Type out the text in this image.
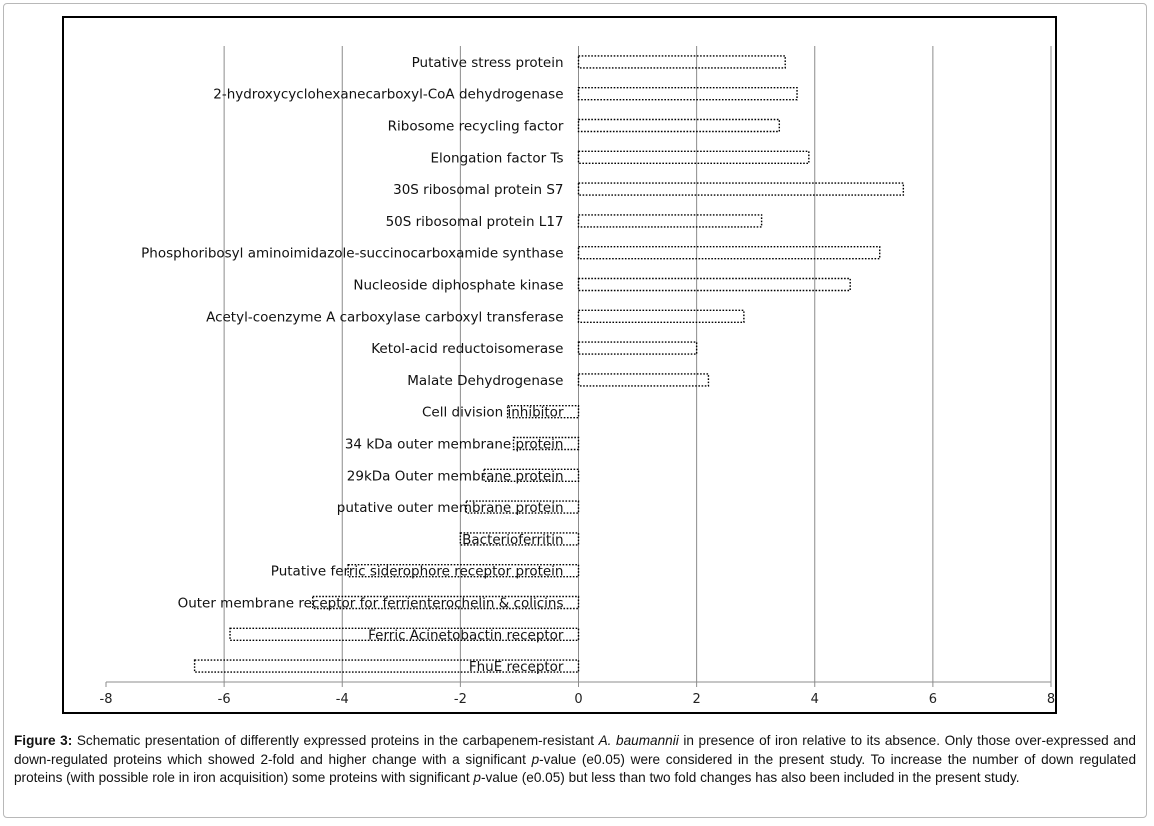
-8	-6	-4	-2	0	2	4	6	8
Putative stress protein
2-hydroxycyclohexanecarboxyl-CoA dehydrogenase
Ribosome recycling factor
Elongation factor Ts
30S ribosomal protein S7
50S ribosomal protein L17
Phosphoribosyl aminoimidazole-succinocarboxamide synthase
Nucleoside diphosphate kinase
Acetyl-coenzyme A carboxylase carboxyl transferase
Ketol-acid reductoisomerase
Malate Dehydrogenase
Cell division inhibitor
34 kDa outer membrane protein
29kDa Outer membrane protein
putative outer membrane protein
Bacterioferritin
Putative ferric siderophore receptor protein
Outer membrane receptor for ferrienterochelin & colicins
Ferric Acinetobactin receptor
FhuE receptor
Figure 3: Schematic presentation of differently expressed proteins in the carbapenem-resistant A. baumannii in presence of iron relative to its absence. Only those over-expressed and down-regulated proteins which showed 2-fold and higher change with a significant p-value (e0.05) were considered in the present study. To increase the number of down regulated proteins (with possible role in iron acquisition) some proteins with significant p-value (e0.05) but less than two fold changes has also been included in the present study.
